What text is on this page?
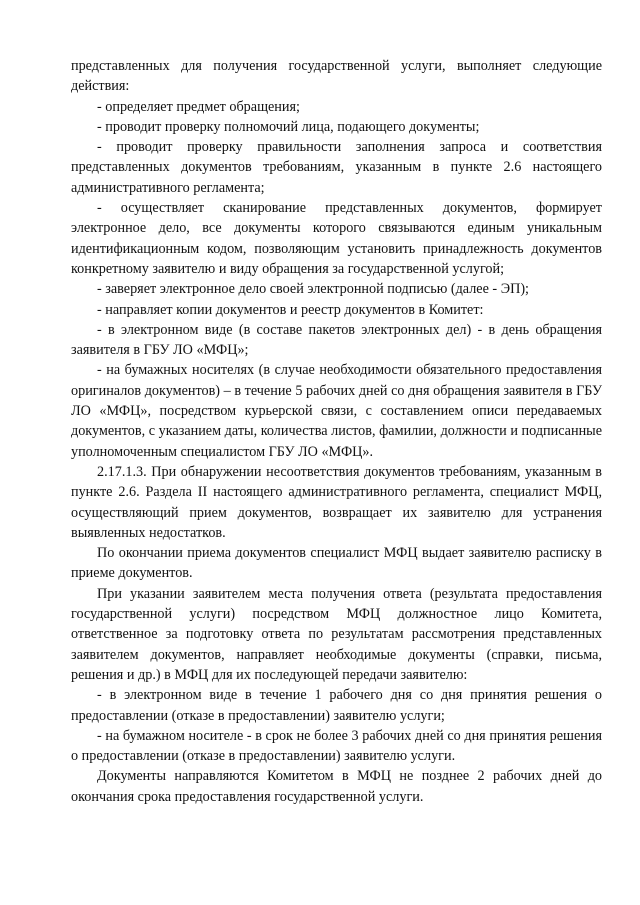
представленных для получения государственной услуги, выполняет следующие действия:
- определяет предмет обращения;
- проводит проверку полномочий лица, подающего документы;
- проводит проверку правильности заполнения запроса и соответствия представленных документов требованиям, указанным в пункте 2.6 настоящего административного регламента;
- осуществляет сканирование представленных документов, формирует электронное дело, все документы которого связываются единым уникальным идентификационным кодом, позволяющим установить принадлежность документов конкретному заявителю и виду обращения за государственной услугой;
- заверяет электронное дело своей электронной подписью (далее - ЭП);
- направляет копии документов и реестр документов в Комитет:
- в электронном виде (в составе пакетов электронных дел) - в день обращения заявителя в ГБУ ЛО «МФЦ»;
- на бумажных носителях (в случае необходимости обязательного предоставления оригиналов документов) – в течение 5 рабочих дней со дня обращения заявителя в ГБУ ЛО «МФЦ», посредством курьерской связи, с составлением описи передаваемых документов, с указанием даты, количества листов, фамилии, должности и подписанные уполномоченным специалистом ГБУ ЛО «МФЦ».
2.17.1.3. При обнаружении несоответствия документов требованиям, указанным в пункте 2.6. Раздела II настоящего административного регламента, специалист МФЦ, осуществляющий прием документов, возвращает их заявителю для устранения выявленных недостатков.
По окончании приема документов специалист МФЦ выдает заявителю расписку в приеме документов.
При указании заявителем места получения ответа (результата предоставления государственной услуги) посредством МФЦ должностное лицо Комитета, ответственное за подготовку ответа по результатам рассмотрения представленных заявителем документов, направляет необходимые документы (справки, письма, решения и др.) в МФЦ для их последующей передачи заявителю:
- в электронном виде в течение 1 рабочего дня со дня принятия решения о предоставлении (отказе в предоставлении) заявителю услуги;
- на бумажном носителе - в срок не более 3 рабочих дней со дня принятия решения о предоставлении (отказе в предоставлении) заявителю услуги.
Документы направляются Комитетом в МФЦ не позднее 2 рабочих дней до окончания срока предоставления государственной услуги.
